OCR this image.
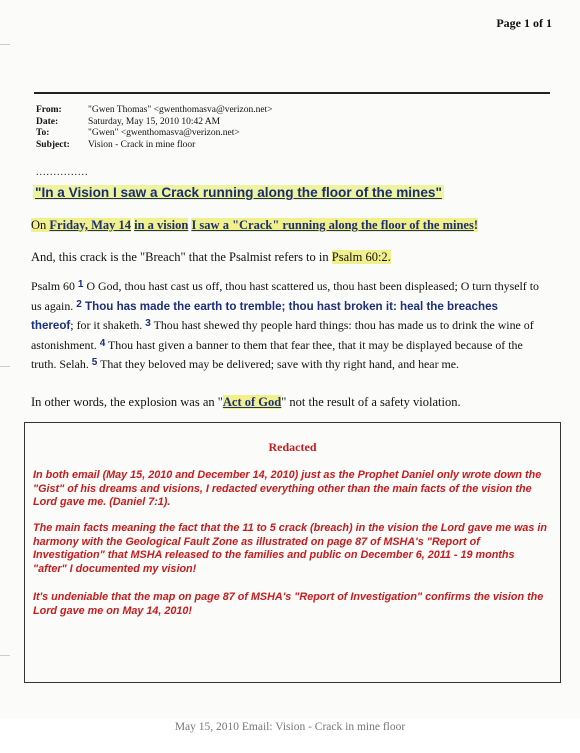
Page 1 of 1
From:	"Gwen Thomas" <gwenthomasva@verizon.net>
Date:	Saturday, May 15, 2010 10:42 AM
To:	"Gwen" <gwenthomasva@verizon.net>
Subject:	Vision - Crack in mine floor
...............
"In a Vision I saw a Crack running along the floor of the mines"
On Friday, May 14 in a vision I saw a "Crack" running along the floor of the mines!
And, this crack is the "Breach" that the Psalmist refers to in Psalm 60:2.
Psalm 60 $^1$ O God, thou hast cast us off, thou hast scattered us, thou hast been displeased; O turn thyself to us again. $^2$ Thou has made the earth to tremble; thou hast broken it: heal the breaches thereof; for it shaketh. $^3$ Thou hast shewed thy people hard things: thou has made us to drink the wine of astonishment. $^4$ Thou hast given a banner to them that fear thee, that it may be displayed because of the truth. Selah. $^5$ That they beloved may be delivered; save with thy right hand, and hear me.
In other words, the explosion was an "Act of God" not the result of a safety violation.
Redacted

In both email (May 15, 2010 and December 14, 2010) just as the Prophet Daniel only wrote down the "Gist" of his dreams and visions, I redacted everything other than the main facts of the vision the Lord gave me. (Daniel 7:1).

The main facts meaning the fact that the 11 to 5 crack (breach) in the vision the Lord gave me was in harmony with the Geological Fault Zone as illustrated on page 87 of MSHA's "Report of Investigation" that MSHA released to the families and public on December 6, 2011 - 19 months "after" I documented my vision!

It's undeniable that the map on page 87 of MSHA's "Report of Investigation" confirms the vision the Lord gave me on May 14, 2010!

May 15, 2010 Email: Vision - Crack in mine floor
